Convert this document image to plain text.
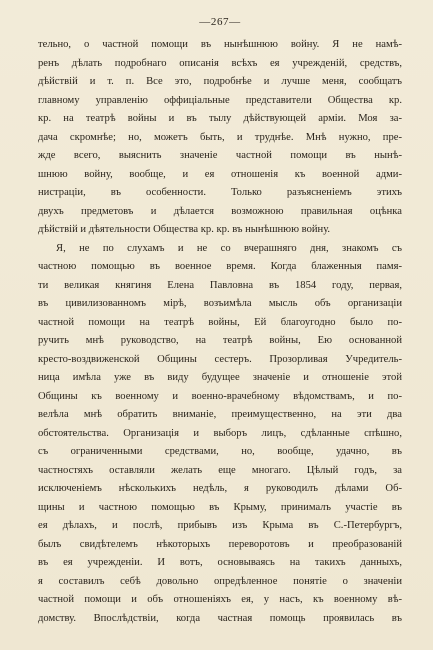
—267—
тельно, о частной помощи въ нынѣшнюю войну. Я не намѣ-
ренъ дѣлать подробнаго описанія всѣхъ ея учрежденій, средствъ,
дѣйствій и т. п. Все это, подробнѣе и лучше меня, сообщатъ
главному управленію оффиціальные представители Общества кр.
кр. на театрѣ войны и въ тылу дѣйствующей арміи. Моя за-
дача скромнѣе; но, можетъ быть, и труднѣе. Мнѣ нужно, пре-
жде всего, выяснить значеніе частной помощи въ нынѣ-
шнюю войну, вообще, и ея отношенія къ военной адми-
нистраціи, въ особенности. Только разъясненіемъ этихъ
двухъ предметовъ и дѣлается возможною правильная оцѣнка
дѣйствій и дѣятельности Общества кр. кр. въ нынѣшнюю войну.
Я, не по слухамъ и не со вчерашняго дня, знакомъ съ
частною помощью въ военное время. Когда блаженныя памя-
ти великая княгиня Елена Павловна въ 1854 году, первая,
въ цивилизованномъ мірѣ, возъимѣла мысль объ организаціи
частной помощи на театрѣ войны, Ей благоугодно было по-
ручить мнѣ руководство, на театрѣ войны, Ею основанной
кресто-воздвиженской Общины сестеръ. Прозорливая Учредитель-
ница имѣла уже въ виду будущее значеніе и отношеніе этой
Общины къ военному и военно-врачебному вѣдомствамъ, и по-
велѣла мнѣ обратить вниманіе, преимущественно, на эти два
обстоятельства. Организація и выборъ лицъ, сдѣланные спѣшно,
съ ограниченными средствами, но, вообще, удачно, въ
частностяхъ оставляли желать еще многаго. Цѣлый годъ, за
исключеніемъ нѣсколькихъ недѣль, я руководилъ дѣлами Об-
щины и частною помощью въ Крыму, принималъ участіе въ
ея дѣлахъ, и послѣ, прибывъ изъ Крыма въ С.-Петербургъ,
былъ свидѣтелемъ нѣкоторыхъ переворотовъ и преобразованій
въ ея учрежденіи. И вотъ, основываясь на такихъ данныхъ,
я составилъ себѣ довольно опредѣленное понятіе о значеніи
частной помощи и объ отношеніяхъ ея, у насъ, къ военному вѣ-
домству. Впослѣдствіи, когда частная помощь проявилась въ
